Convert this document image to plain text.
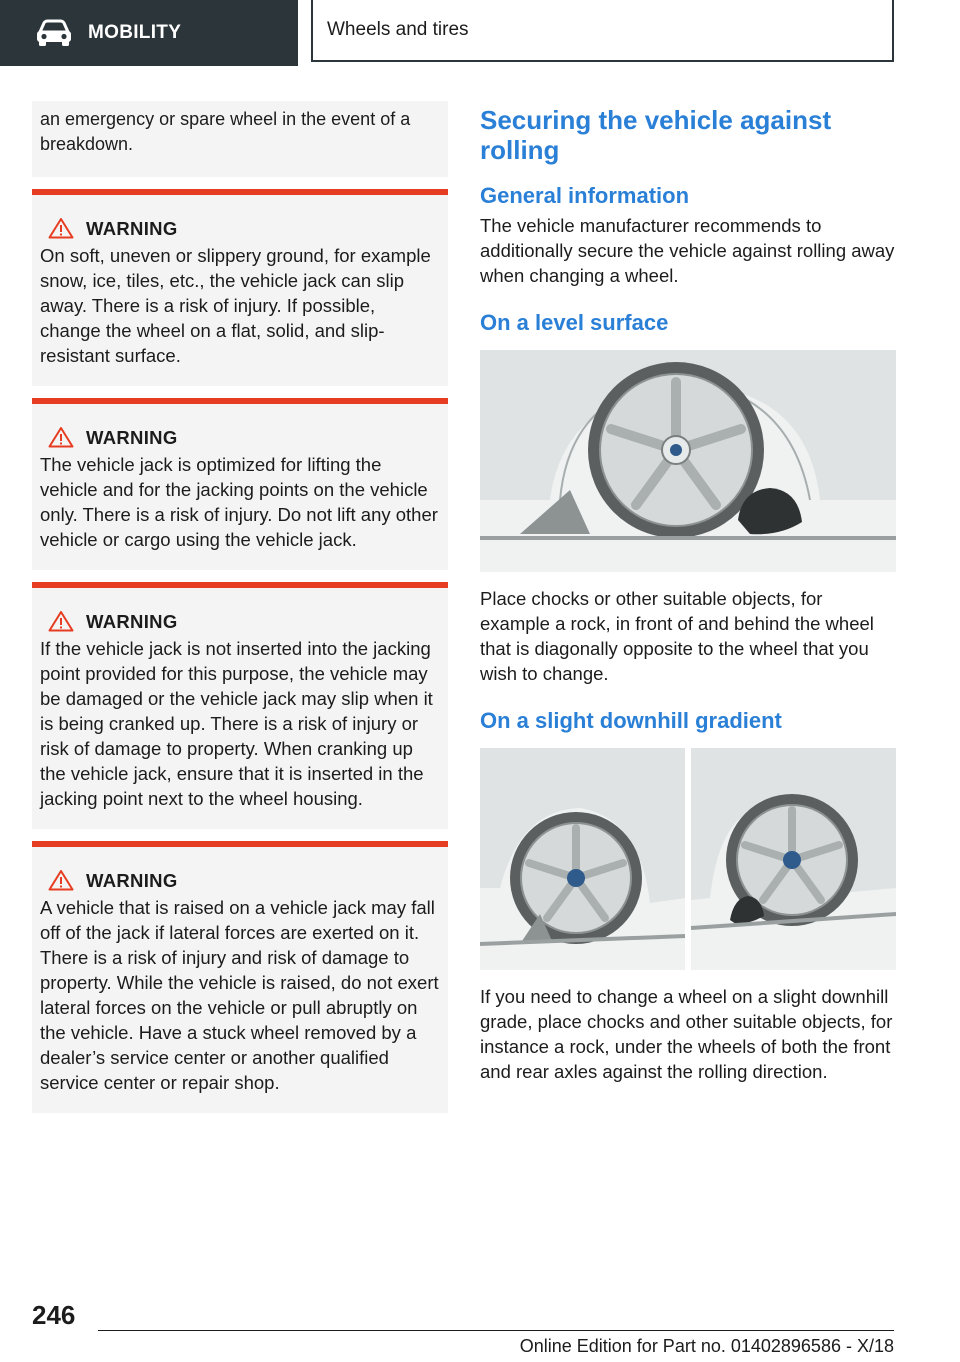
MOBILITY	Wheels and tires
an emergency or spare wheel in the event of a breakdown.
WARNING
On soft, uneven or slippery ground, for example snow, ice, tiles, etc., the vehicle jack can slip away. There is a risk of injury. If possible, change the wheel on a flat, solid, and slip-resistant surface.
WARNING
The vehicle jack is optimized for lifting the vehicle and for the jacking points on the vehicle only. There is a risk of injury. Do not lift any other vehicle or cargo using the vehicle jack.
WARNING
If the vehicle jack is not inserted into the jacking point provided for this purpose, the vehicle may be damaged or the vehicle jack may slip when it is being cranked up. There is a risk of injury or risk of damage to property. When cranking up the vehicle jack, ensure that it is inserted in the jacking point next to the wheel housing.
WARNING
A vehicle that is raised on a vehicle jack may fall off of the jack if lateral forces are exerted on it. There is a risk of injury and risk of damage to property. While the vehicle is raised, do not exert lateral forces on the vehicle or pull abruptly on the vehicle. Have a stuck wheel removed by a dealer’s service center or another qualified service center or repair shop.
Securing the vehicle against rolling
General information
The vehicle manufacturer recommends to additionally secure the vehicle against rolling away when changing a wheel.
On a level surface
Place chocks or other suitable objects, for example a rock, in front of and behind the wheel that is diagonally opposite to the wheel that you wish to change.
On a slight downhill gradient
If you need to change a wheel on a slight downhill grade, place chocks and other suitable objects, for instance a rock, under the wheels of both the front and rear axles against the rolling direction.
246
Online Edition for Part no. 01402896586 - X/18
